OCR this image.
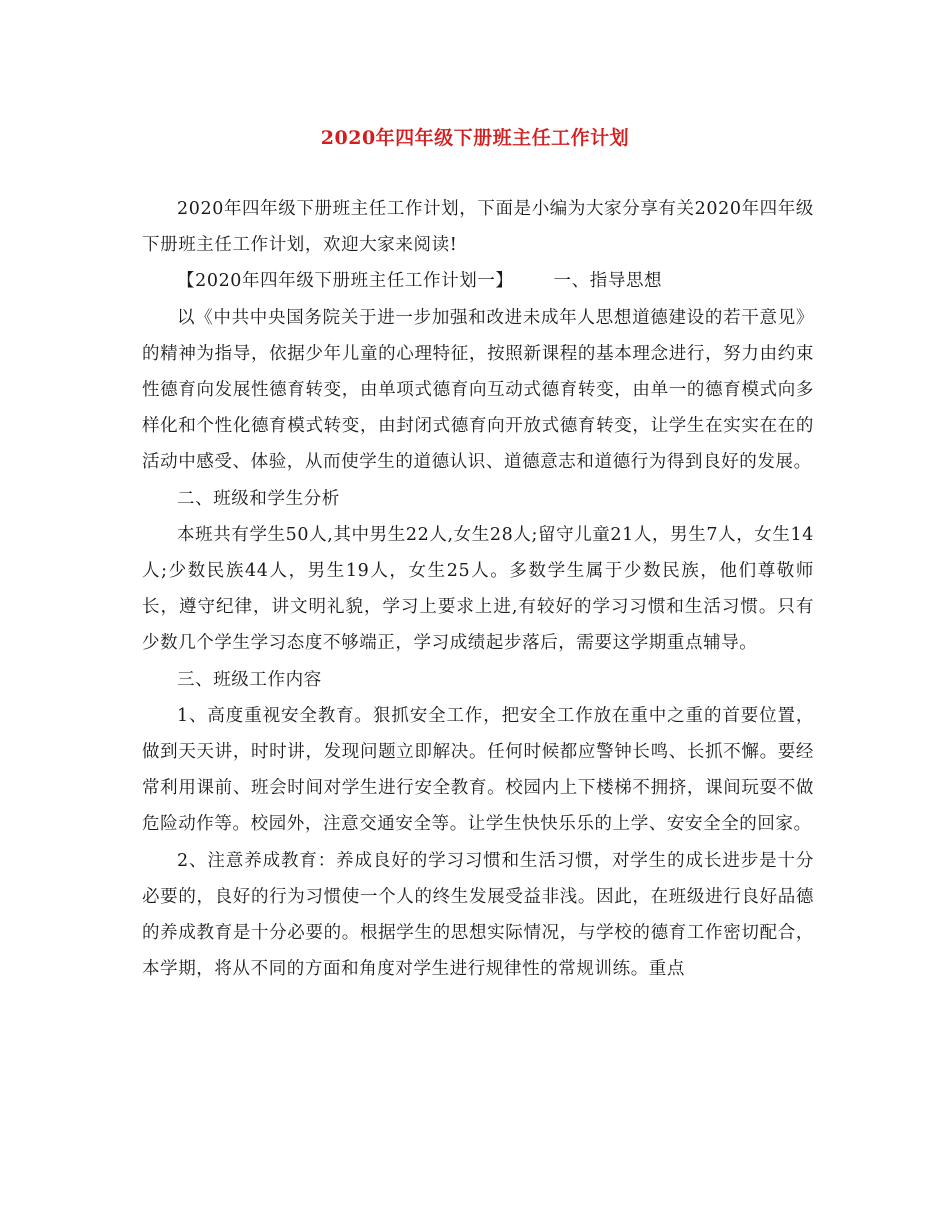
2020年四年级下册班主任工作计划

2020年四年级下册班主任工作计划，下面是小编为大家分享有关2020年四年级下册班主任工作计划，欢迎大家来阅读!

【2020年四年级下册班主任工作计划一】 一、指导思想

以《中共中央国务院关于进一步加强和改进未成年人思想道德建设的若干意见》的精神为指导，依据少年儿童的心理特征，按照新课程的基本理念进行，努力由约束性德育向发展性德育转变，由单项式德育向互动式德育转变，由单一的德育模式向多样化和个性化德育模式转变，由封闭式德育向开放式德育转变，让学生在实实在在的活动中感受、体验，从而使学生的道德认识、道德意志和道德行为得到良好的发展。

二、班级和学生分析

本班共有学生50人,其中男生22人,女生28人;留守儿童21人，男生7人，女生14人;少数民族44人，男生19人，女生25人。多数学生属于少数民族，他们尊敬师长，遵守纪律，讲文明礼貌，学习上要求上进,有较好的学习习惯和生活习惯。只有少数几个学生学习态度不够端正，学习成绩起步落后，需要这学期重点辅导。

三、班级工作内容

1、高度重视安全教育。狠抓安全工作，把安全工作放在重中之重的首要位置，做到天天讲，时时讲，发现问题立即解决。任何时候都应警钟长鸣、长抓不懈。要经常利用课前、班会时间对学生进行安全教育。校园内上下楼梯不拥挤，课间玩耍不做危险动作等。校园外，注意交通安全等。让学生快快乐乐的上学、安安全全的回家。

2、注意养成教育：养成良好的学习习惯和生活习惯，对学生的成长进步是十分必要的，良好的行为习惯使一个人的终生发展受益非浅。因此，在班级进行良好品德的养成教育是十分必要的。根据学生的思想实际情况，与学校的德育工作密切配合，本学期，将从不同的方面和角度对学生进行规律性的常规训练。重点
